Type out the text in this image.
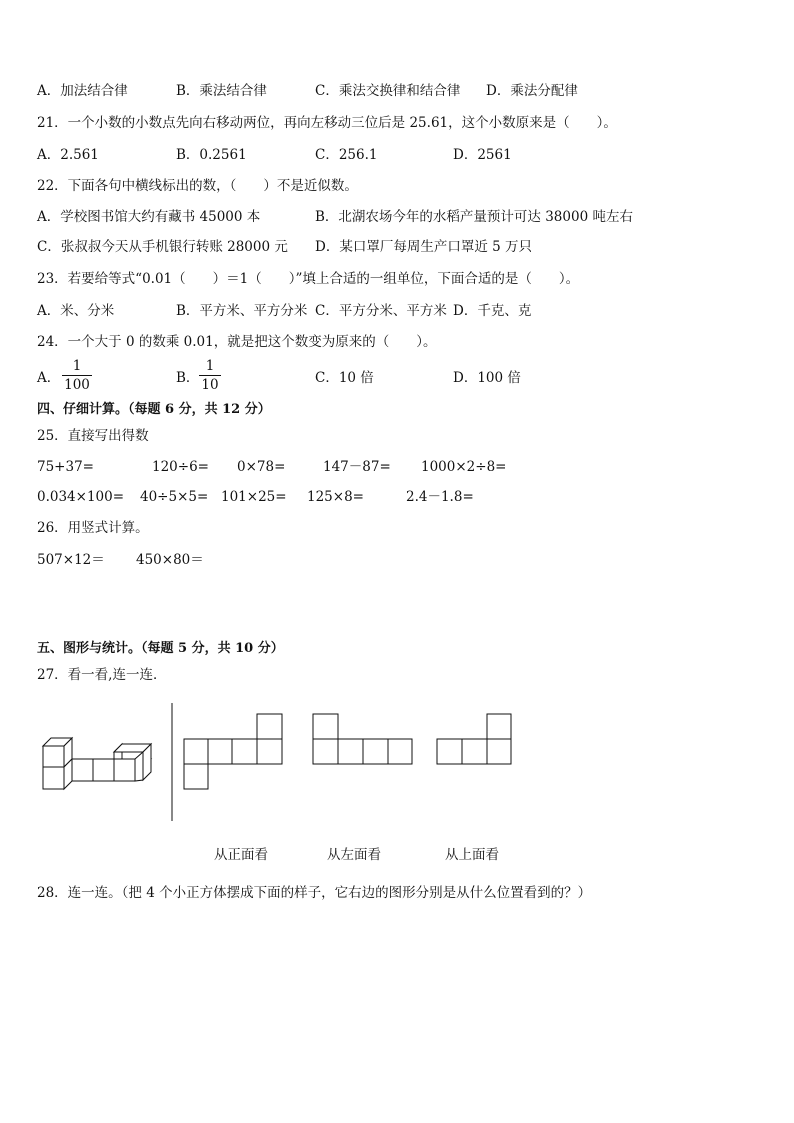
A．加法结合律	B．乘法结合律	C．乘法交换律和结合律 D．乘法分配律
21．一个小数的小数点先向右移动两位，再向左移动三位后是 25.61，这个小数原来是（　　）。
A．2.561	B．0.2561	C．256.1	D．2561
22．下面各句中横线标出的数，（　　）不是近似数。
A．学校图书馆大约有藏书 45000 本	B．北湖农场今年的水稻产量预计可达 38000 吨左右
C．张叔叔今天从手机银行转账 28000 元 D．某口罩厂每周生产口罩近 5 万只
23．若要给等式“0.01（　　）＝1（　　）”填上合适的一组单位，下面合适的是（　　）。
A．米、分米	B．平方米、平方分米 C．平方分米、平方米 D．千克、克
24．一个大于 0 的数乘 0.01，就是把这个数变为原来的（　　）。
A．
1
100	B．
1
10	C．10 倍	D．100 倍
四、仔细计算。（每题 6 分，共 12 分）
25．直接写出得数
75+37=	120÷6= 0×78=	147－87= 1000×2÷8=
0.034×100= 40÷5×5= 101×25= 125×8=	2.4－1.8=
26．用竖式计算。
507×12＝ 450×80＝
五、图形与统计。（每题 5 分，共 10 分）
27．看一看,连一连．
从正面看	从左面看	从上面看
28．连一连。（把 4 个小正方体摆成下面的样子，它右边的图形分别是从什么位置看到的？）
